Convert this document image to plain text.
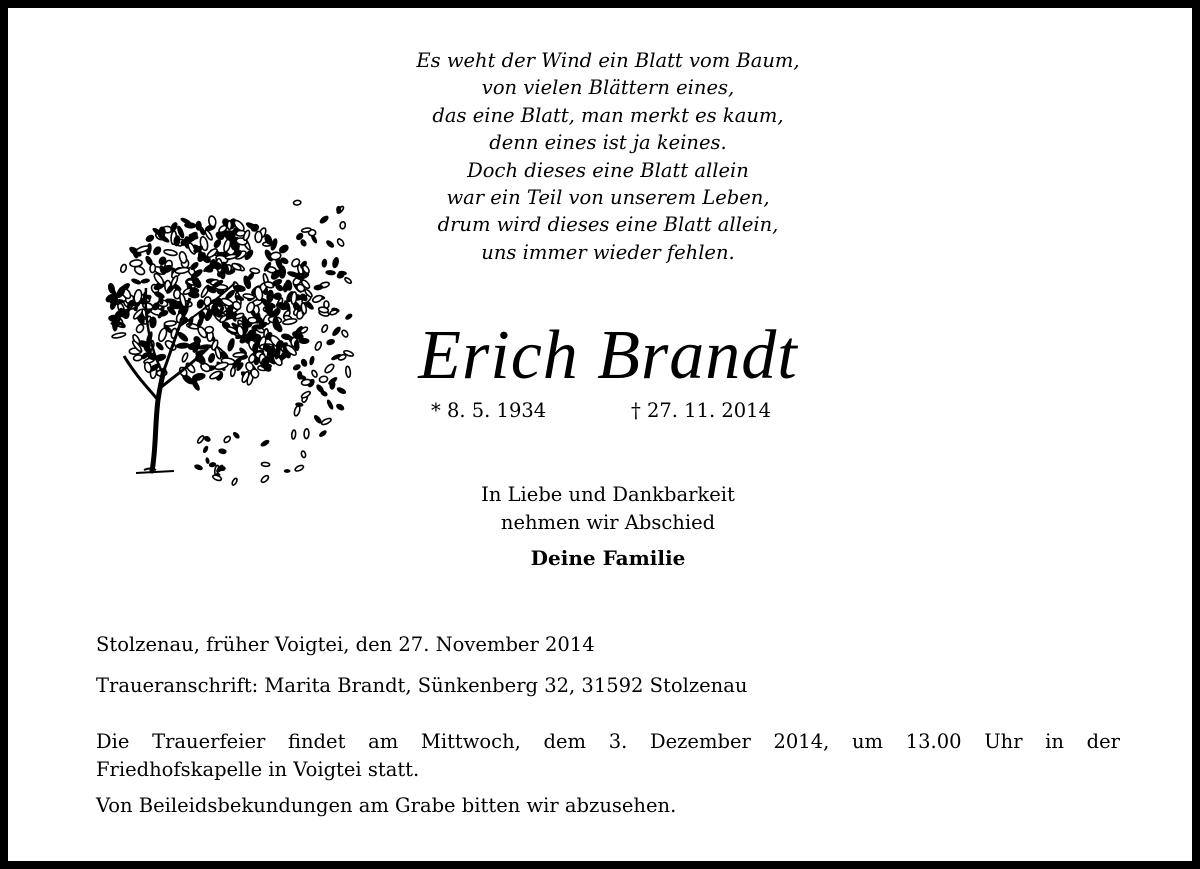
Es weht der Wind ein Blatt vom Baum,
von vielen Blättern eines,
das eine Blatt, man merkt es kaum,
denn eines ist ja keines.
Doch dieses eine Blatt allein
war ein Teil von unserem Leben,
drum wird dieses eine Blatt allein,
uns immer wieder fehlen.
Erich Brandt
* 8. 5. 1934	† 27. 11. 2014
In Liebe und Dankbarkeit
nehmen wir Abschied
Deine Familie
Stolzenau, früher Voigtei, den 27. November 2014
Traueranschrift: Marita Brandt, Sünkenberg 32, 31592 Stolzenau
Die Trauerfeier findet am Mittwoch, dem 3. Dezember 2014, um 13.00 Uhr in der
Friedhofskapelle in Voigtei statt.
Von Beileidsbekundungen am Grabe bitten wir abzusehen.
